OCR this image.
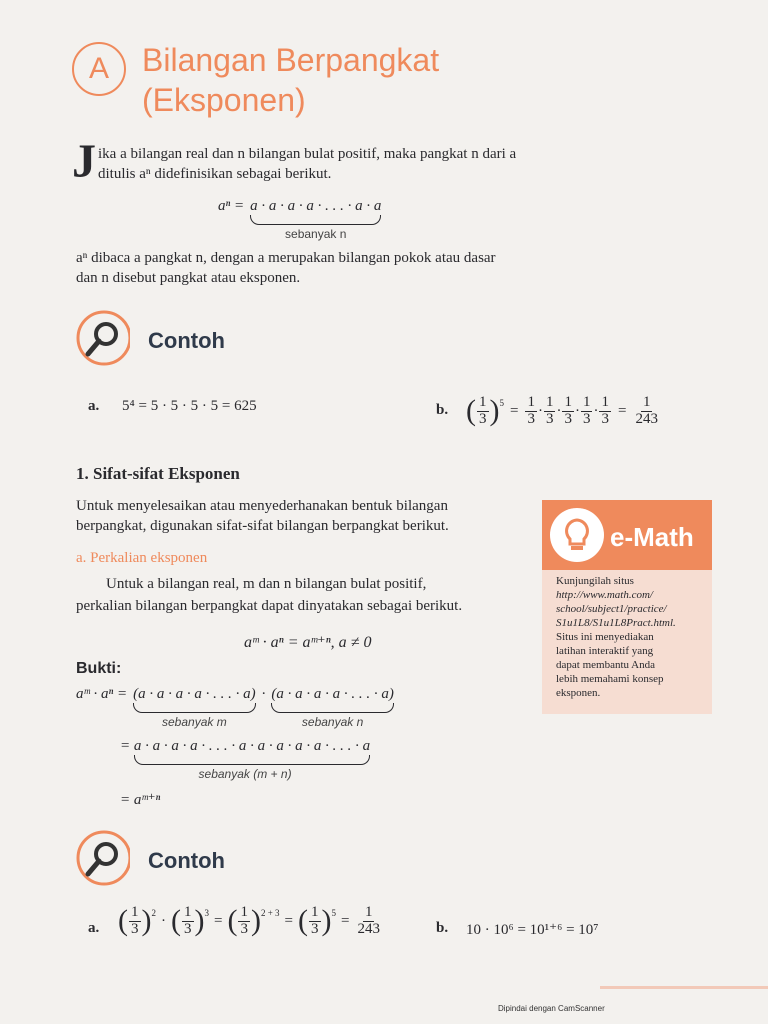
A	Bilangan Berpangkat
(Eksponen)
J ika a bilangan real dan n bilangan bulat positif, maka pangkat n dari a
ditulis aⁿ didefinisikan sebagai berikut.
aⁿ = a · a · a · a · . . . · a · a
sebanyak n
aⁿ dibaca a pangkat n, dengan a merupakan bilangan pokok atau dasar
dan n disebut pangkat atau eksponen.
Contoh
a. 5⁴ = 5 · 5 · 5 · 5 = 625	b. ( $\frac{1}{3} )^5 = \frac{1}{3} \cdot \frac{1}{3} \cdot \frac{1}{3} \cdot \frac{1}{3} \cdot \frac{1}{3} = \frac{1}{243}$
1. Sifat-sifat Eksponen
Untuk menyelesaikan atau menyederhanakan bentuk bilangan
berpangkat, digunakan sifat-sifat bilangan berpangkat berikut.
a. Perkalian eksponen
Untuk a bilangan real, m dan n bilangan bulat positif,
perkalian bilangan berpangkat dapat dinyatakan sebagai berikut.
aᵐ · aⁿ = aᵐ⁺ⁿ, a ≠ 0
Bukti:
aᵐ · aⁿ = (a · a · a · a · . . . · a)
sebanyak m
· (a · a · a · a · . . . · a)
sebanyak n
= a · a · a · a · . . . · a · a · a · a · a · . . . · a
sebanyak (m + n)
= aᵐ⁺ⁿ
e-Math
Kunjungilah situs
http://www.math.com/
school/subject1/practice/
S1u1L8/S1u1L8Pract.html.
Situs ini menyediakan
latihan interaktif yang
dapat membantu Anda
lebih memahami konsep
eksponen.
Contoh
a. ( $\frac{1}{3} )^2$ · ( $\frac{1}{3} )^3$ = ( $\frac{1}{3} )^{2 + 3}$ = ( $\frac{1}{3} )^5 = \frac{1}{243}$	b. 10 · 10⁶ = 10¹⁺⁶ = 10⁷
Dipindai dengan CamScanner
